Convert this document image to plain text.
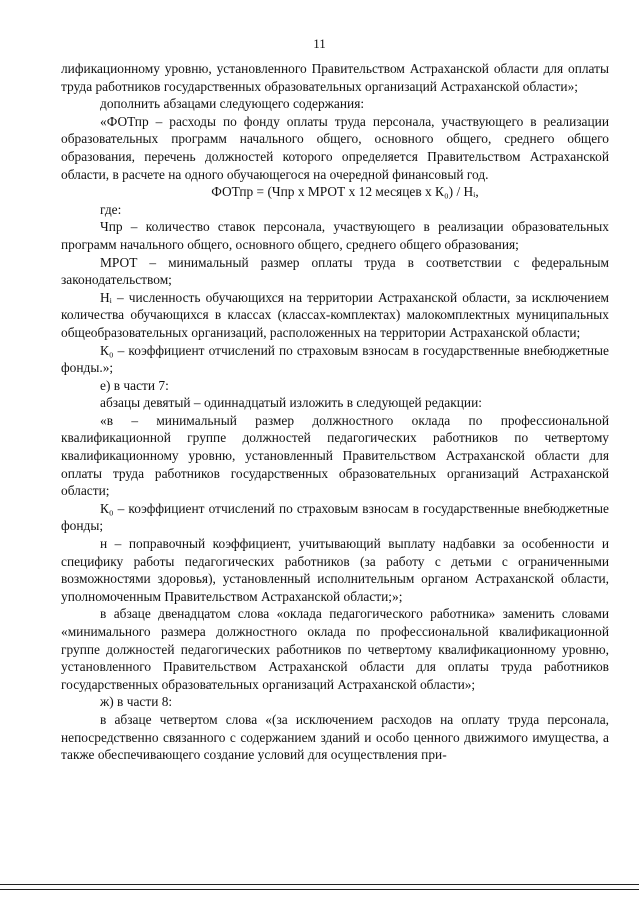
11

лификационному уровню, установленного Правительством Астраханской области для оплаты труда работников государственных образовательных организаций Астраханской области»;

дополнить абзацами следующего содержания:

«ФОТпр – расходы по фонду оплаты труда персонала, участвующего в реализации образовательных программ начального общего, основного общего, среднего общего образования, перечень должностей которого определяется Правительством Астраханской области, в расчете на одного обучающегося на очередной финансовый год.

ФОТпр = (Чпр х МРОТ х 12 месяцев х К₀) / Нᵢ,

где:

Чпр – количество ставок персонала, участвующего в реализации образовательных программ начального общего, основного общего, среднего общего образования;

МРОТ – минимальный размер оплаты труда в соответствии с федеральным законодательством;

Нᵢ – численность обучающихся на территории Астраханской области, за исключением количества обучающихся в классах (классах-комплектах) малокомплектных муниципальных общеобразовательных организаций, расположенных на территории Астраханской области;

К₀ – коэффициент отчислений по страховым взносам в государственные внебюджетные фонды.»;

е) в части 7:

абзацы девятый – одиннадцатый изложить в следующей редакции:

«в – минимальный размер должностного оклада по профессиональной квалификационной группе должностей педагогических работников по четвертому квалификационному уровню, установленный Правительством Астраханской области для оплаты труда работников государственных образовательных организаций Астраханской области;

К₀ – коэффициент отчислений по страховым взносам в государственные внебюджетные фонды;

н – поправочный коэффициент, учитывающий выплату надбавки за особенности и специфику работы педагогических работников (за работу с детьми с ограниченными возможностями здоровья), установленный исполнительным органом Астраханской области, уполномоченным Правительством Астраханской области;»;

в абзаце двенадцатом слова «оклада педагогического работника» заменить словами «минимального размера должностного оклада по профессиональной квалификационной группе должностей педагогических работников по четвертому квалификационному уровню, установленного Правительством Астраханской области для оплаты труда работников государственных образовательных организаций Астраханской области»;

ж) в части 8:

в абзаце четвертом слова «(за исключением расходов на оплату труда персонала, непосредственно связанного с содержанием зданий и особо ценного движимого имущества, а также обеспечивающего создание условий для осуществления при-
